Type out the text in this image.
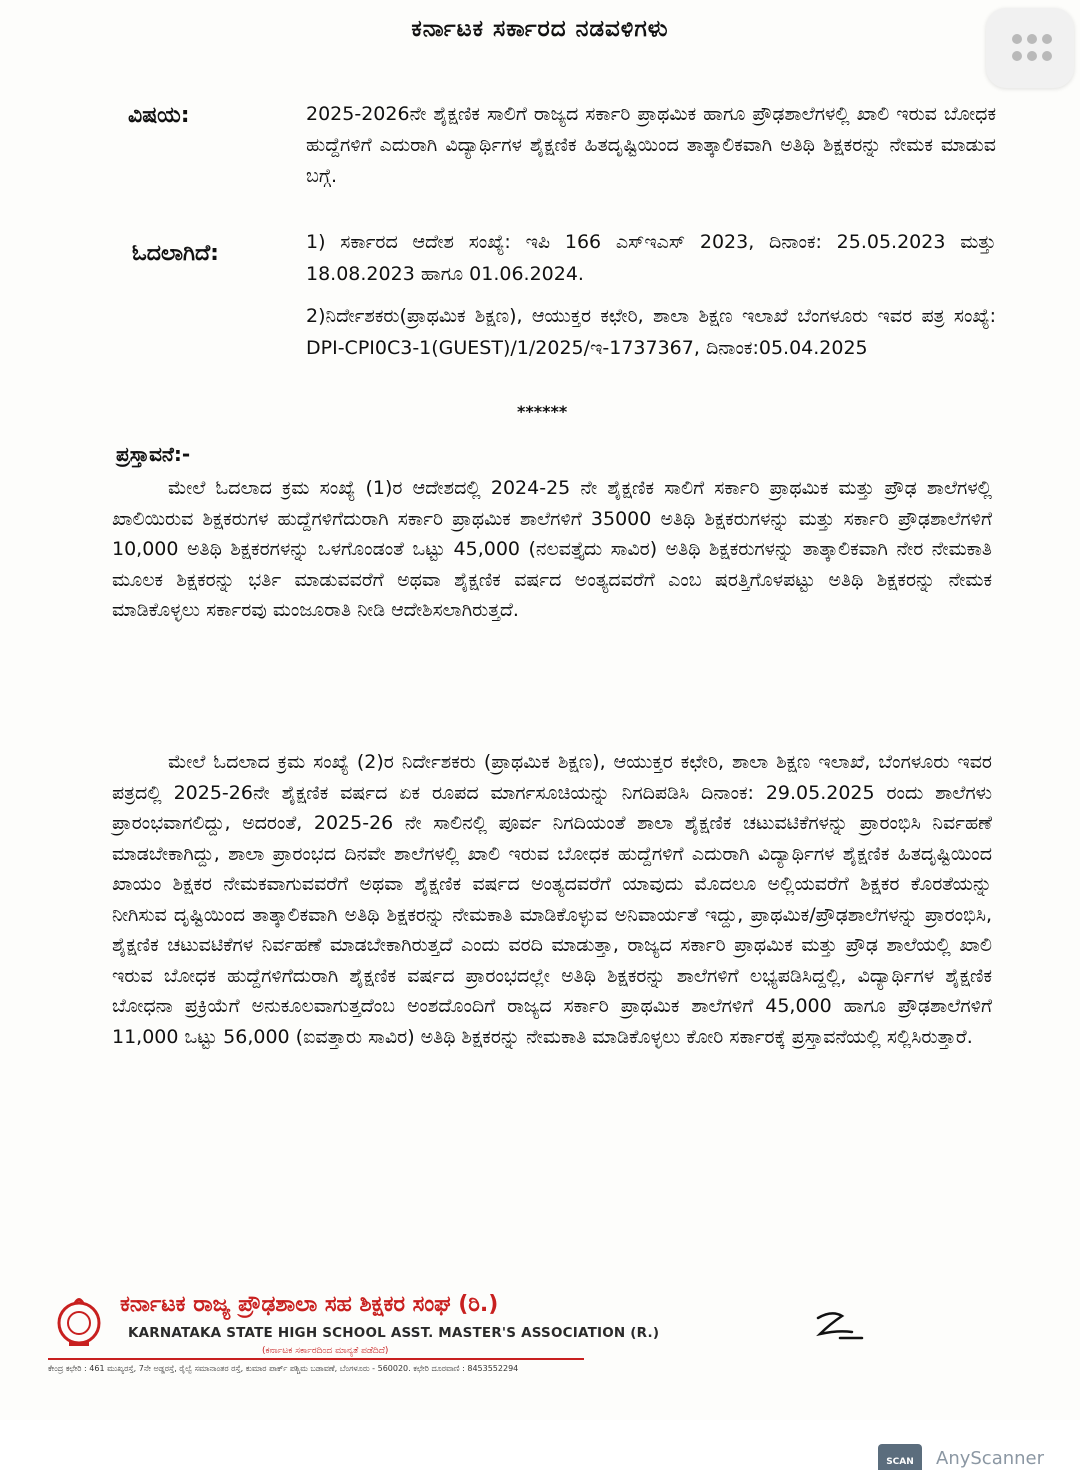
ಕರ್ನಾಟಕ ಸರ್ಕಾರದ ನಡವಳಿಗಳು
ವಿಷಯ:	2025-2026ನೇ ಶೈಕ್ಷಣಿಕ ಸಾಲಿಗೆ ರಾಜ್ಯದ ಸರ್ಕಾರಿ ಪ್ರಾಥಮಿಕ ಹಾಗೂ ಪ್ರೌಢಶಾಲೆಗಳಲ್ಲಿ ಖಾಲಿ ಇರುವ ಬೋಧಕ ಹುದ್ದೆಗಳಿಗೆ ಎದುರಾಗಿ ವಿದ್ಯಾರ್ಥಿಗಳ ಶೈಕ್ಷಣಿಕ ಹಿತದೃಷ್ಟಿಯಿಂದ ತಾತ್ಕಾಲಿಕವಾಗಿ ಅತಿಥಿ ಶಿಕ್ಷಕರನ್ನು ನೇಮಕ ಮಾಡುವ ಬಗ್ಗೆ.
ಓದಲಾಗಿದೆ:	1) ಸರ್ಕಾರದ ಆದೇಶ ಸಂಖ್ಯೆ: ಇಪಿ 166 ಎಸ್‌ಇಎಸ್ 2023, ದಿನಾಂಕ: 25.05.2023 ಮತ್ತು 18.08.2023 ಹಾಗೂ 01.06.2024.
2)ನಿರ್ದೇಶಕರು(ಪ್ರಾಥಮಿಕ ಶಿಕ್ಷಣ), ಆಯುಕ್ತರ ಕಛೇರಿ, ಶಾಲಾ ಶಿಕ್ಷಣ ಇಲಾಖೆ ಬೆಂಗಳೂರು ಇವರ ಪತ್ರ ಸಂಖ್ಯೆ: DPI-CPI0C3-1(GUEST)/1/2025/ಇ-1737367, ದಿನಾಂಕ:05.04.2025
******
ಪ್ರಸ್ತಾವನೆ:-
ಮೇಲೆ ಓದಲಾದ ಕ್ರಮ ಸಂಖ್ಯೆ (1)ರ ಆದೇಶದಲ್ಲಿ 2024-25 ನೇ ಶೈಕ್ಷಣಿಕ ಸಾಲಿಗೆ ಸರ್ಕಾರಿ ಪ್ರಾಥಮಿಕ ಮತ್ತು ಪ್ರೌಢ ಶಾಲೆಗಳಲ್ಲಿ ಖಾಲಿಯಿರುವ ಶಿಕ್ಷಕರುಗಳ ಹುದ್ದೆಗಳಿಗೆದುರಾಗಿ ಸರ್ಕಾರಿ ಪ್ರಾಥಮಿಕ ಶಾಲೆಗಳಿಗೆ 35000 ಅತಿಥಿ ಶಿಕ್ಷಕರುಗಳನ್ನು ಮತ್ತು ಸರ್ಕಾರಿ ಪ್ರೌಢಶಾಲೆಗಳಿಗೆ 10,000 ಅತಿಥಿ ಶಿಕ್ಷಕರಗಳನ್ನು ಒಳಗೊಂಡಂತೆ ಒಟ್ಟು 45,000 (ನಲವತ್ತೈದು ಸಾವಿರ) ಅತಿಥಿ ಶಿಕ್ಷಕರುಗಳನ್ನು ತಾತ್ಕಾಲಿಕವಾಗಿ ನೇರ ನೇಮಕಾತಿ ಮೂಲಕ ಶಿಕ್ಷಕರನ್ನು ಭರ್ತಿ ಮಾಡುವವರೆಗೆ ಅಥವಾ ಶೈಕ್ಷಣಿಕ ವರ್ಷದ ಅಂತ್ಯದವರೆಗೆ ಎಂಬ ಷರತ್ತಿಗೊಳಪಟ್ಟು ಅತಿಥಿ ಶಿಕ್ಷಕರನ್ನು ನೇಮಕ ಮಾಡಿಕೊಳ್ಳಲು ಸರ್ಕಾರವು ಮಂಜೂರಾತಿ ನೀಡಿ ಆದೇಶಿಸಲಾಗಿರುತ್ತದೆ.
ಮೇಲೆ ಓದಲಾದ ಕ್ರಮ ಸಂಖ್ಯೆ (2)ರ ನಿರ್ದೇಶಕರು (ಪ್ರಾಥಮಿಕ ಶಿಕ್ಷಣ), ಆಯುಕ್ತರ ಕಛೇರಿ, ಶಾಲಾ ಶಿಕ್ಷಣ ಇಲಾಖೆ, ಬೆಂಗಳೂರು ಇವರ ಪತ್ರದಲ್ಲಿ 2025-26ನೇ ಶೈಕ್ಷಣಿಕ ವರ್ಷದ ಏಕ ರೂಪದ ಮಾರ್ಗಸೂಚಿಯನ್ನು ನಿಗದಿಪಡಿಸಿ ದಿನಾಂಕ: 29.05.2025 ರಂದು ಶಾಲೆಗಳು ಪ್ರಾರಂಭವಾಗಲಿದ್ದು, ಅದರಂತೆ, 2025-26 ನೇ ಸಾಲಿನಲ್ಲಿ ಪೂರ್ವ ನಿಗದಿಯಂತೆ ಶಾಲಾ ಶೈಕ್ಷಣಿಕ ಚಟುವಟಿಕೆಗಳನ್ನು ಪ್ರಾರಂಭಿಸಿ ನಿರ್ವಹಣೆ ಮಾಡಬೇಕಾಗಿದ್ದು, ಶಾಲಾ ಪ್ರಾರಂಭದ ದಿನವೇ ಶಾಲೆಗಳಲ್ಲಿ ಖಾಲಿ ಇರುವ ಬೋಧಕ ಹುದ್ದೆಗಳಿಗೆ ಎದುರಾಗಿ ವಿದ್ಯಾರ್ಥಿಗಳ ಶೈಕ್ಷಣಿಕ ಹಿತದೃಷ್ಟಿಯಿಂದ ಖಾಯಂ ಶಿಕ್ಷಕರ ನೇಮಕವಾಗುವವರೆಗೆ ಅಥವಾ ಶೈಕ್ಷಣಿಕ ವರ್ಷದ ಅಂತ್ಯದವರೆಗೆ ಯಾವುದು ಮೊದಲೂ ಅಲ್ಲಿಯವರೆಗೆ ಶಿಕ್ಷಕರ ಕೊರತೆಯನ್ನು ನೀಗಿಸುವ ದೃಷ್ಟಿಯಿಂದ ತಾತ್ಕಾಲಿಕವಾಗಿ ಅತಿಥಿ ಶಿಕ್ಷಕರನ್ನು ನೇಮಕಾತಿ ಮಾಡಿಕೊಳ್ಳುವ ಅನಿವಾರ್ಯತೆ ಇದ್ದು, ಪ್ರಾಥಮಿಕ/ಪ್ರೌಢಶಾಲೆಗಳನ್ನು ಪ್ರಾರಂಭಿಸಿ, ಶೈಕ್ಷಣಿಕ ಚಟುವಟಿಕೆಗಳ ನಿರ್ವಹಣೆ ಮಾಡಬೇಕಾಗಿರುತ್ತದೆ ಎಂದು ವರದಿ ಮಾಡುತ್ತಾ, ರಾಜ್ಯದ ಸರ್ಕಾರಿ ಪ್ರಾಥಮಿಕ ಮತ್ತು ಪ್ರೌಢ ಶಾಲೆಯಲ್ಲಿ ಖಾಲಿ ಇರುವ ಬೋಧಕ ಹುದ್ದೆಗಳಿಗೆದುರಾಗಿ ಶೈಕ್ಷಣಿಕ ವರ್ಷದ ಪ್ರಾರಂಭದಲ್ಲೇ ಅತಿಥಿ ಶಿಕ್ಷಕರನ್ನು ಶಾಲೆಗಳಿಗೆ ಲಭ್ಯಪಡಿಸಿದ್ದಲ್ಲಿ, ವಿದ್ಯಾರ್ಥಿಗಳ ಶೈಕ್ಷಣಿಕ ಬೋಧನಾ ಪ್ರಕ್ರಿಯೆಗೆ ಅನುಕೂಲವಾಗುತ್ತದೆಂಬ ಅಂಶದೊಂದಿಗೆ ರಾಜ್ಯದ ಸರ್ಕಾರಿ ಪ್ರಾಥಮಿಕ ಶಾಲೆಗಳಿಗೆ 45,000 ಹಾಗೂ ಪ್ರೌಢಶಾಲೆಗಳಿಗೆ 11,000 ಒಟ್ಟು 56,000 (ಐವತ್ತಾರು ಸಾವಿರ) ಅತಿಥಿ ಶಿಕ್ಷಕರನ್ನು ನೇಮಕಾತಿ ಮಾಡಿಕೊಳ್ಳಲು ಕೋರಿ ಸರ್ಕಾರಕ್ಕೆ ಪ್ರಸ್ತಾವನೆಯಲ್ಲಿ ಸಲ್ಲಿಸಿರುತ್ತಾರೆ.
ಕರ್ನಾಟಕ ರಾಜ್ಯ ಪ್ರೌಢಶಾಲಾ ಸಹ ಶಿಕ್ಷಕರ ಸಂಘ (ರಿ.)
KARNATAKA STATE HIGH SCHOOL ASST. MASTER'S ASSOCIATION (R.)
(ಕರ್ನಾಟಕ ಸರ್ಕಾರದಿಂದ ಮಾನ್ಯತೆ ಪಡೆದಿದೆ)
ಕೇಂದ್ರ ಕಛೇರಿ : 461 ಮುಖ್ಯರಸ್ತೆ, 7ನೇ ಅಡ್ಡರಸ್ತೆ, ರೈಲ್ವೆ ಸಮಾನಾಂತರ ರಸ್ತೆ, ಕುಮಾರ ಪಾರ್ಕ್ ಪಶ್ಚಿಮ ಬಡಾವಣೆ, ಬೆಂಗಳೂರು - 560020. ಕಛೇರಿ ದೂರವಾಣಿ : 8453552294
SCAN	AnyScanner
